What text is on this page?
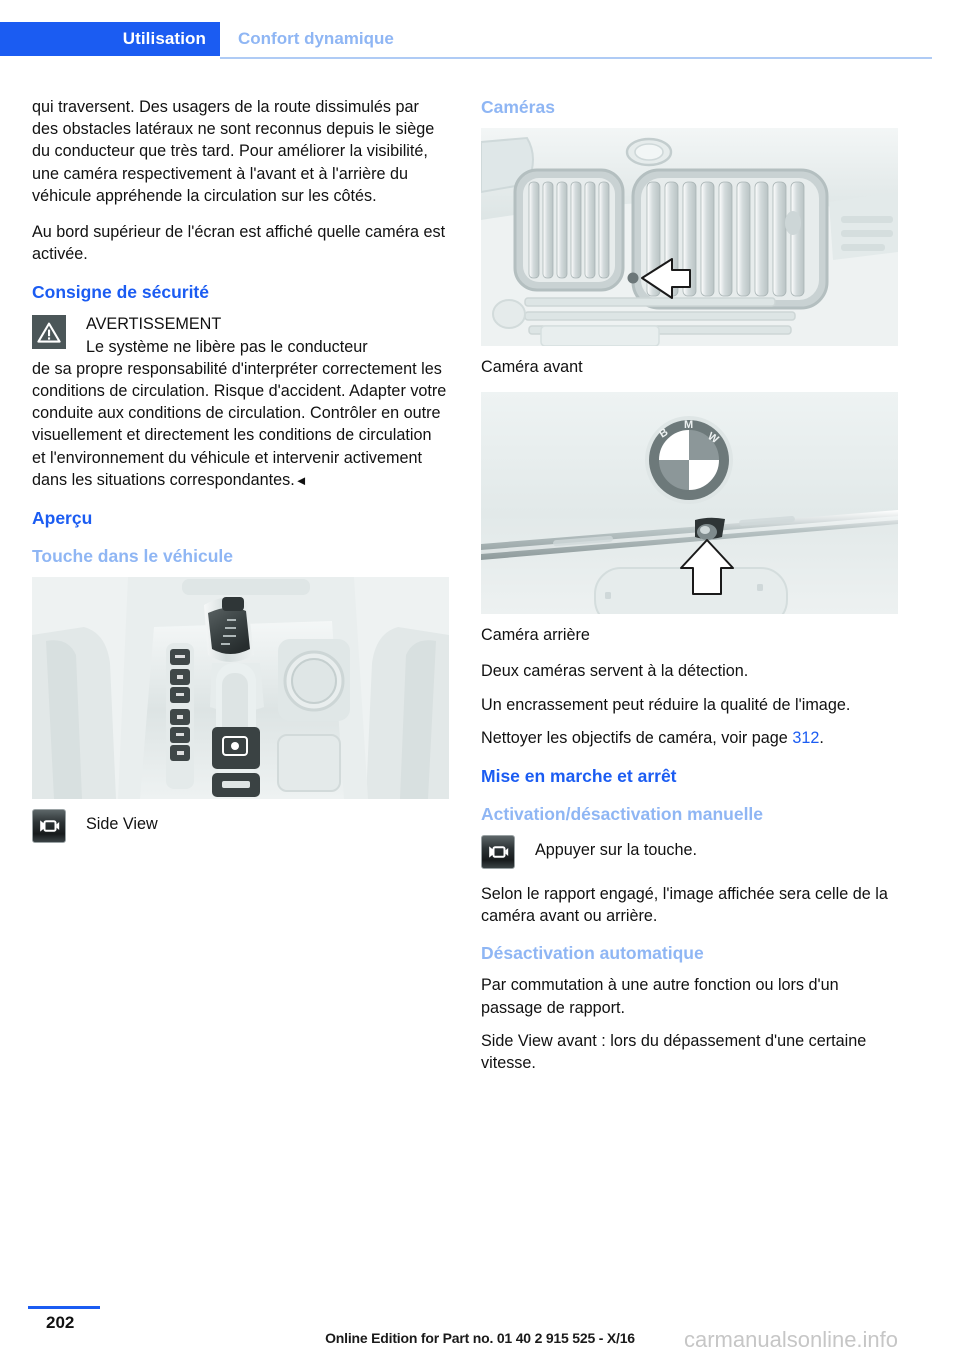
Utilisation Confort dynamique

qui traversent. Des usagers de la route dissimulés par des obstacles latéraux ne sont reconnus depuis le siège du conducteur que très tard. Pour améliorer la visibilité, une caméra respectivement à l'avant et à l'arrière du véhicule appréhende la circulation sur les côtés.

Au bord supérieur de l'écran est affiché quelle caméra est activée.

Consigne de sécurité

AVERTISSEMENT

Le système ne libère pas le conducteur

de sa propre responsabilité d'interpréter correctement les conditions de circulation. Risque d'accident. Adapter votre conduite aux conditions de circulation. Contrôler en outre visuellement et directement les conditions de circulation et l'environnement du véhicule et intervenir activement dans les situations correspondantes.◄

Aperçu
Touche dans le véhicule
Side View
Caméras

Caméra avant

B
M
W

Caméra arrière

Deux caméras servent à la détection.

Un encrassement peut réduire la qualité de l'image.

Nettoyer les objectifs de caméra, voir page 312.

Mise en marche et arrêt
Activation/désactivation manuelle
Appuyer sur la touche.

Selon le rapport engagé, l'image affichée sera celle de la caméra avant ou arrière.

Désactivation automatique

Par commutation à une autre fonction ou lors d'un passage de rapport.

Side View avant : lors du dépassement d'une certaine vitesse.

202
Online Edition for Part no. 01 40 2 915 525 - X/16	carmanualsonline.info
